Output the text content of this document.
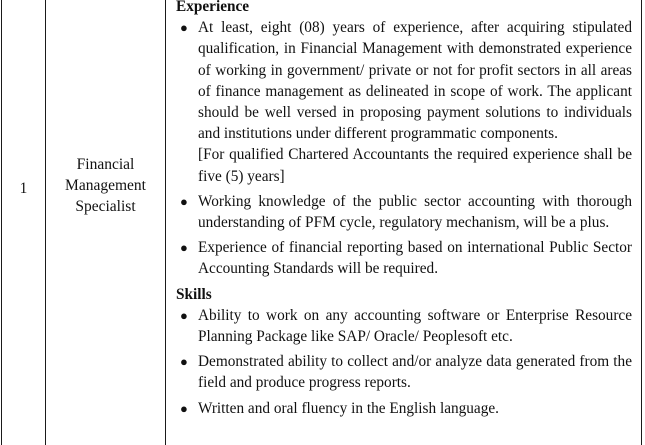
1
Financial
Management
Specialist
Experience
● At least, eight (08) years of experience, after acquiring stipulated qualification, in Financial Management with demonstrated experience of working in government/ private or not for profit sectors in all areas of finance management as delineated in scope of work. The applicant should be well versed in proposing payment solutions to individuals and institutions under different programmatic components.
[For qualified Chartered Accountants the required experience shall be five (5) years]
● Working knowledge of the public sector accounting with thorough understanding of PFM cycle, regulatory mechanism, will be a plus.
● Experience of financial reporting based on international Public Sector Accounting Standards will be required.
Skills
● Ability to work on any accounting software or Enterprise Resource Planning Package like SAP/ Oracle/ Peoplesoft etc.
● Demonstrated ability to collect and/or analyze data generated from the field and produce progress reports.
● Written and oral fluency in the English language.
